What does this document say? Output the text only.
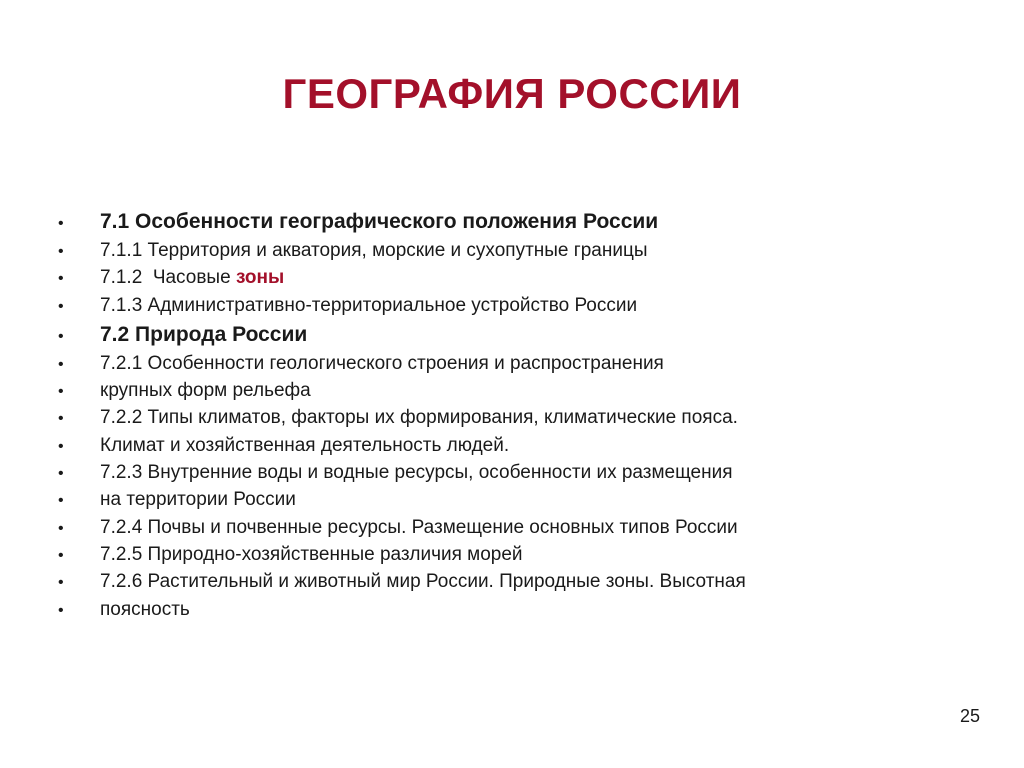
ГЕОГРАФИЯ РОССИИ
•	7.1 Особенности географического положения России
•	7.1.1 Территория и акватория, морские и сухопутные границы
•	7.1.2  Часовые зоны
•	7.1.3 Административно-территориальное устройство России
•	7.2 Природа России
•	7.2.1 Особенности геологического строения и распространения
•	крупных форм рельефа
•	7.2.2 Типы климатов, факторы их формирования, климатические пояса.
•	Климат и хозяйственная деятельность людей.
•	7.2.3 Внутренние воды и водные ресурсы, особенности их размещения
•	на территории России
•	7.2.4 Почвы и почвенные ресурсы. Размещение основных типов России
•	7.2.5 Природно-хозяйственные различия морей
•	7.2.6 Растительный и животный мир России. Природные зоны. Высотная
•	поясность
25
